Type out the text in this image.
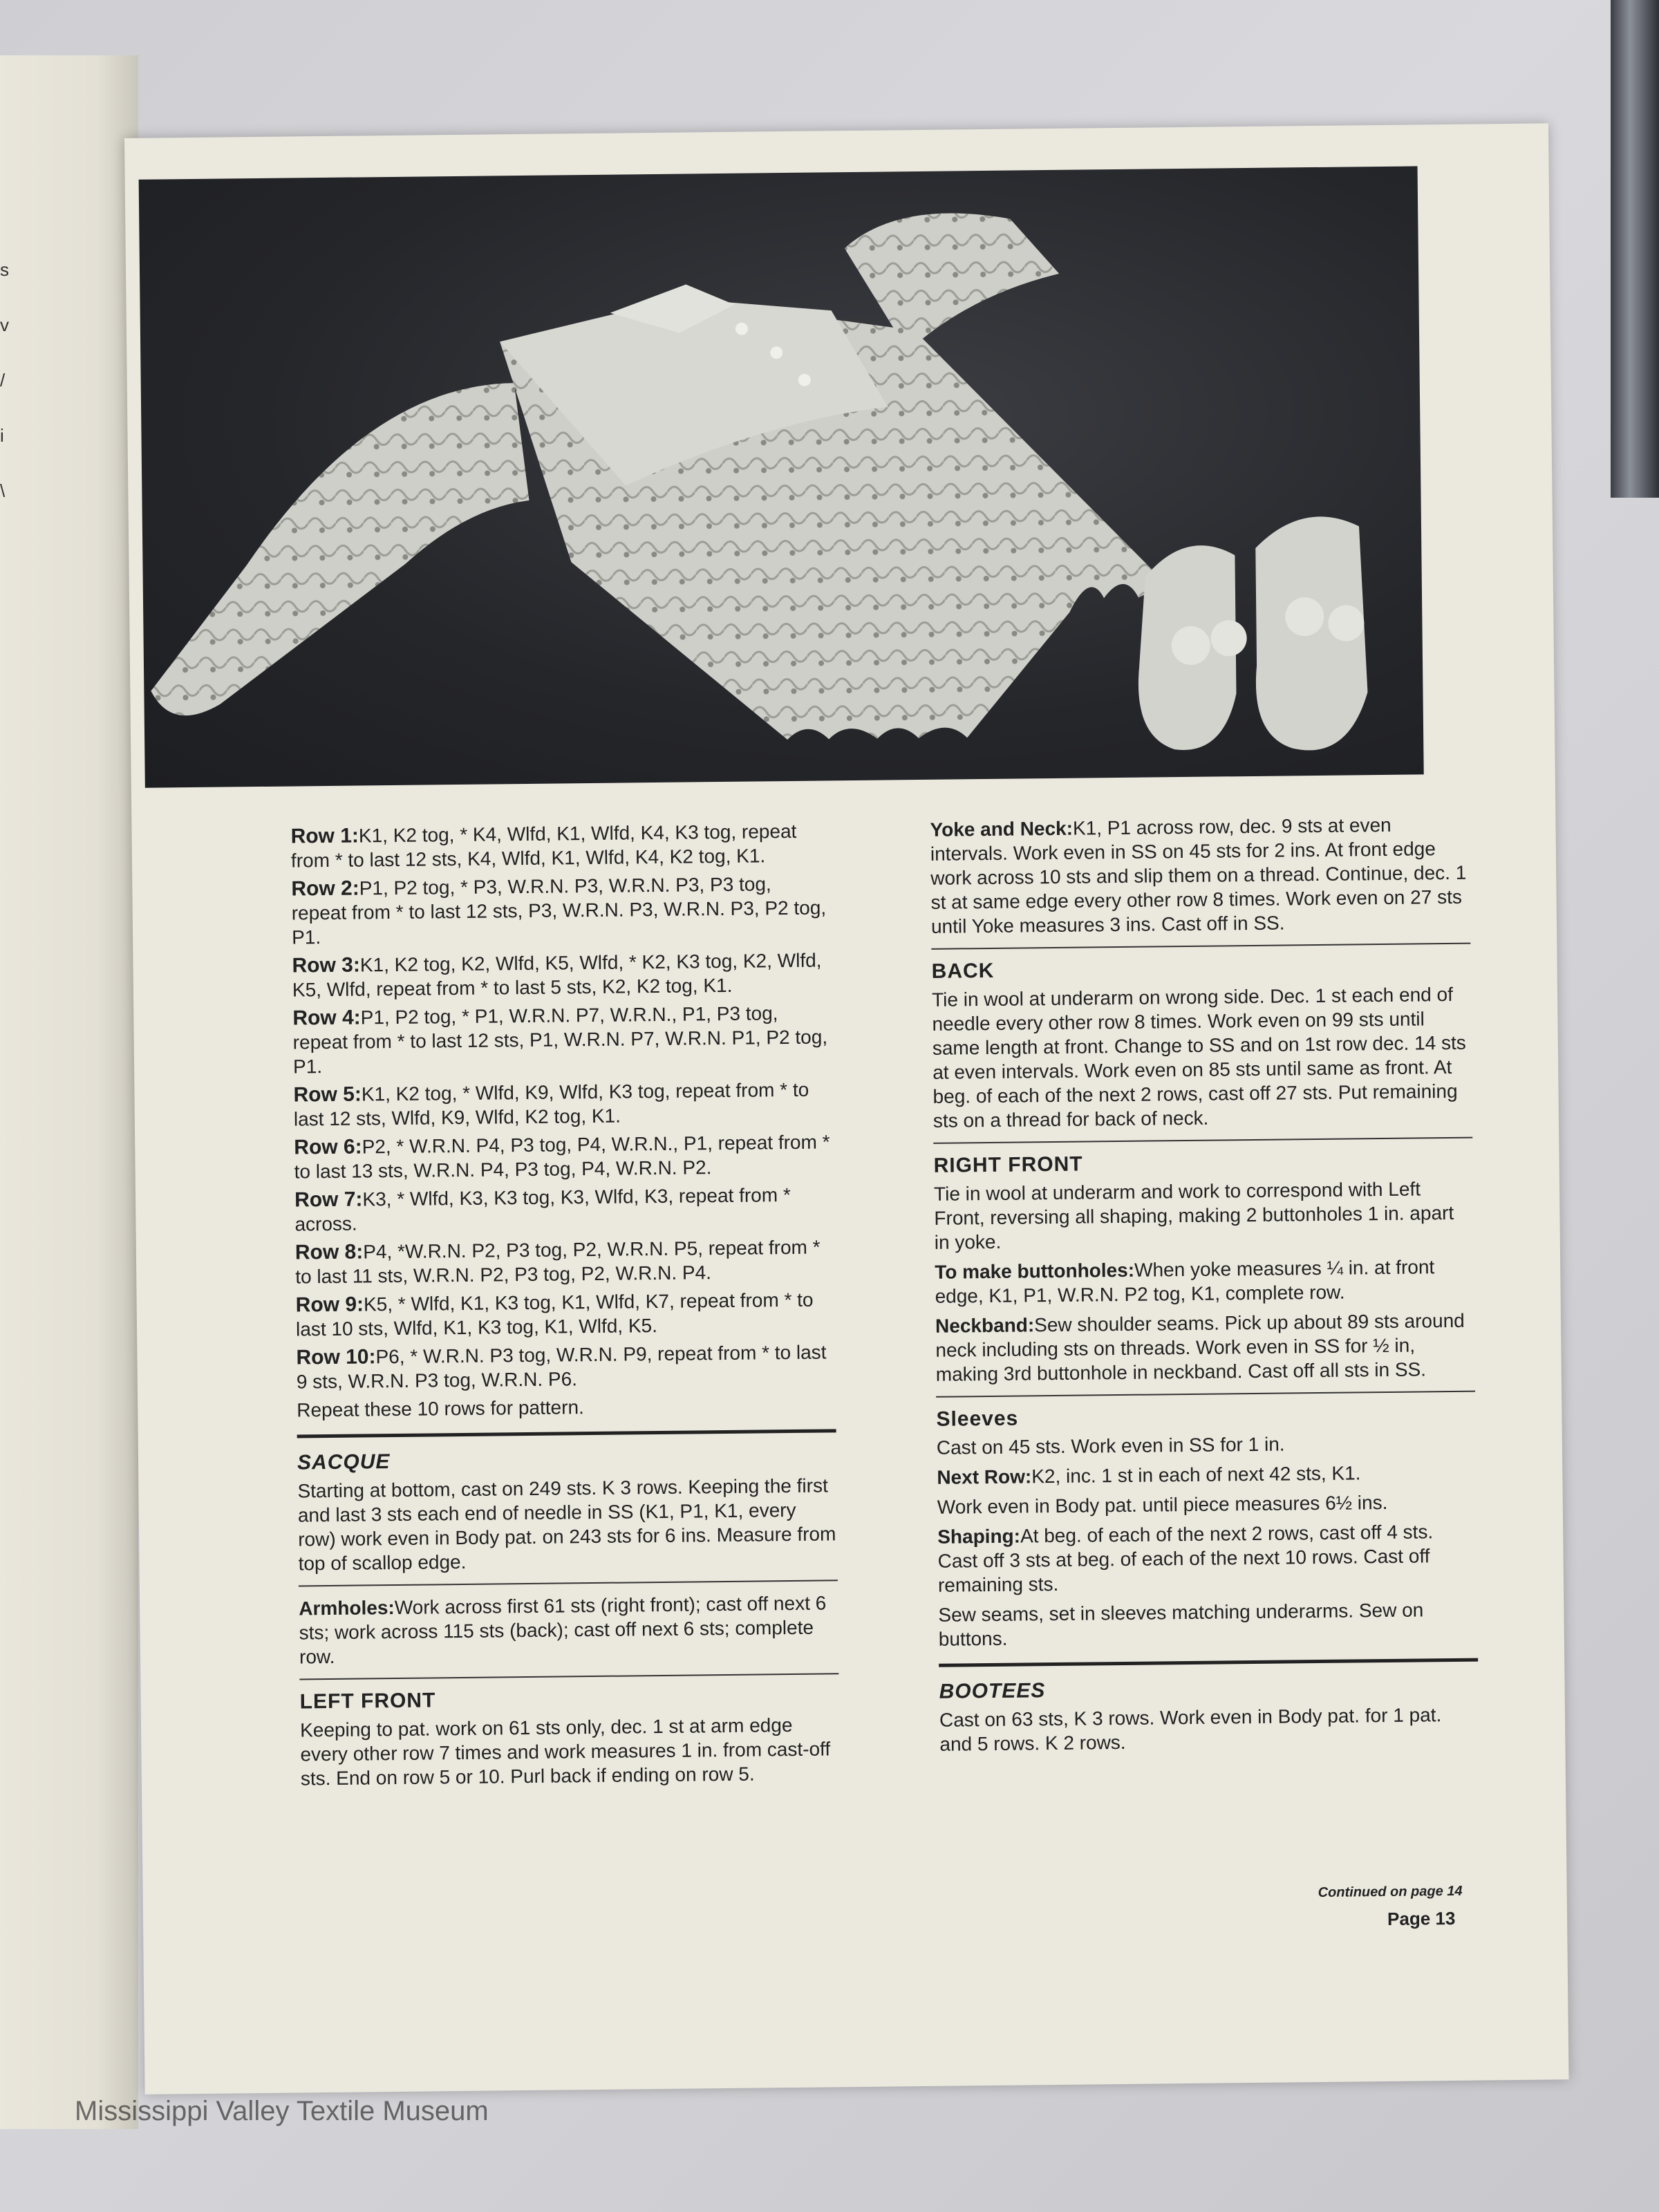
s
v
/
i
\
Row 1:K1, K2 tog, * K4, Wlfd, K1, Wlfd, K4, K3 tog, repeat from * to last 12 sts, K4, Wlfd, K1, Wlfd, K4, K2 tog, K1.
Row 2:P1, P2 tog, * P3, W.R.N. P3, W.R.N. P3, P3 tog, repeat from * to last 12 sts, P3, W.R.N. P3, W.R.N. P3, P2 tog, P1.
Row 3:K1, K2 tog, K2, Wlfd, K5, Wlfd, * K2, K3 tog, K2, Wlfd, K5, Wlfd, repeat from * to last 5 sts, K2, K2 tog, K1.
Row 4:P1, P2 tog, * P1, W.R.N. P7, W.R.N., P1, P3 tog, repeat from * to last 12 sts, P1, W.R.N. P7, W.R.N. P1, P2 tog, P1.
Row 5:K1, K2 tog, * Wlfd, K9, Wlfd, K3 tog, repeat from * to last 12 sts, Wlfd, K9, Wlfd, K2 tog, K1.
Row 6:P2, * W.R.N. P4, P3 tog, P4, W.R.N., P1, repeat from * to last 13 sts, W.R.N. P4, P3 tog, P4, W.R.N. P2.
Row 7:K3, * Wlfd, K3, K3 tog, K3, Wlfd, K3, repeat from * across.
Row 8:P4, *W.R.N. P2, P3 tog, P2, W.R.N. P5, repeat from * to last 11 sts, W.R.N. P2, P3 tog, P2, W.R.N. P4.
Row 9:K5, * Wlfd, K1, K3 tog, K1, Wlfd, K7, repeat from * to last 10 sts, Wlfd, K1, K3 tog, K1, Wlfd, K5.
Row 10:P6, * W.R.N. P3 tog, W.R.N. P9, repeat from * to last 9 sts, W.R.N. P3 tog, W.R.N. P6.

Repeat these 10 rows for pattern.

SACQUE

Starting at bottom, cast on 249 sts. K 3 rows. Keeping the first and last 3 sts each end of needle in SS (K1, P1, K1, every row) work even in Body pat. on 243 sts for 6 ins. Measure from top of scallop edge.

Armholes:Work across first 61 sts (right front); cast off next 6 sts; work across 115 sts (back); cast off next 6 sts; complete row.

LEFT FRONT

Keeping to pat. work on 61 sts only, dec. 1 st at arm edge every other row 7 times and work measures 1 in. from cast-off sts. End on row 5 or 10. Purl back if ending on row 5.

Yoke and Neck:K1, P1 across row, dec. 9 sts at even intervals. Work even in SS on 45 sts for 2 ins. At front edge work across 10 sts and slip them on a thread. Continue, dec. 1 st at same edge every other row 8 times. Work even on 27 sts until Yoke measures 3 ins. Cast off in SS.

BACK

Tie in wool at underarm on wrong side. Dec. 1 st each end of needle every other row 8 times. Work even on 99 sts until same length at front. Change to SS and on 1st row dec. 14 sts at even intervals. Work even on 85 sts until same as front. At beg. of each of the next 2 rows, cast off 27 sts. Put remaining sts on a thread for back of neck.

RIGHT FRONT

Tie in wool at underarm and work to correspond with Left Front, reversing all shaping, making 2 buttonholes 1 in. apart in yoke.

To make buttonholes:When yoke measures ¼ in. at front edge, K1, P1, W.R.N. P2 tog, K1, complete row.

Neckband:Sew shoulder seams. Pick up about 89 sts around neck including sts on threads. Work even in SS for ½ in, making 3rd buttonhole in neckband. Cast off all sts in SS.

Sleeves

Cast on 45 sts. Work even in SS for 1 in.

Next Row:K2, inc. 1 st in each of next 42 sts, K1.

Work even in Body pat. until piece measures 6½ ins.

Shaping:At beg. of each of the next 2 rows, cast off 4 sts. Cast off 3 sts at beg. of each of the next 10 rows. Cast off remaining sts.

Sew seams, set in sleeves matching underarms. Sew on buttons.

BOOTEES

Cast on 63 sts, K 3 rows. Work even in Body pat. for 1 pat. and 5 rows. K 2 rows.

Continued on page 14
Page 13
Mississippi Valley Textile Museum
